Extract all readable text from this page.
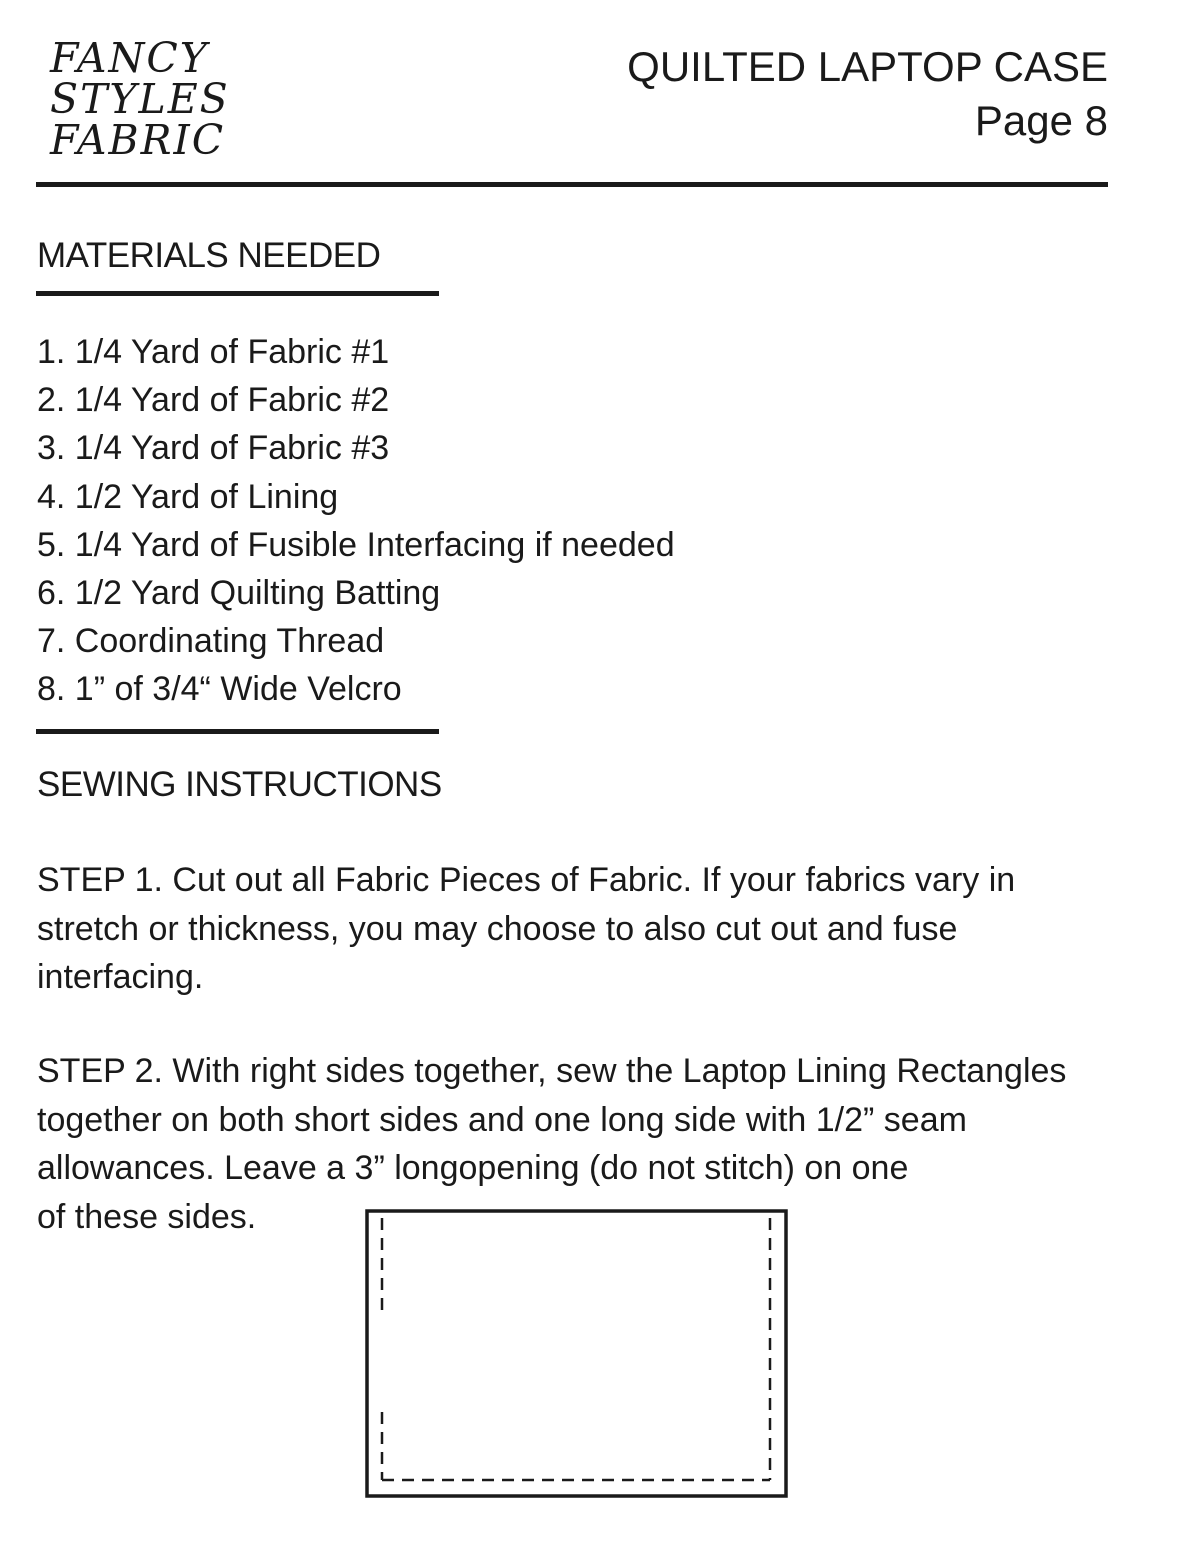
FANCY
STYLES
FABRIC
QUILTED LAPTOP CASE
Page 8
MATERIALS NEEDED
1. 1/4 Yard of Fabric #1
2. 1/4 Yard of Fabric #2
3. 1/4 Yard of Fabric #3
4. 1/2 Yard of Lining
5. 1/4 Yard of Fusible Interfacing if needed
6. 1/2 Yard Quilting Batting
7. Coordinating Thread
8. 1” of 3/4“ Wide Velcro
SEWING INSTRUCTIONS

STEP 1. Cut out all Fabric Pieces of Fabric. If your fabrics vary in
stretch or thickness, you may choose to also cut out and fuse
interfacing.

STEP 2. With right sides together, sew the Laptop Lining Rectangles
together on both short sides and one long side with 1/2” seam
allowances. Leave a 3” longopening (do not stitch) on one
of these sides.
